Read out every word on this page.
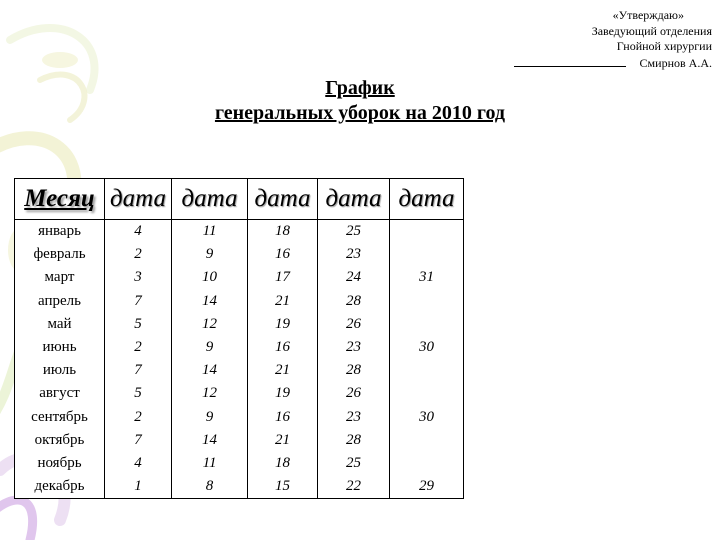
«Утверждаю»
Заведующий отделения
Гнойной хирургии
Смирнов А.А.
График
генеральных уборок на 2010 год
Месяц	дата	дата	дата	дата	дата
январь	4	11	18	25	
февраль	2	9	16	23	
март	3	10	17	24	31
апрель	7	14	21	28	
май	5	12	19	26	
июнь	2	9	16	23	30
июль	7	14	21	28	
август	5	12	19	26	
сентябрь	2	9	16	23	30
октябрь	7	14	21	28	
ноябрь	4	11	18	25	
декабрь	1	8	15	22	29
